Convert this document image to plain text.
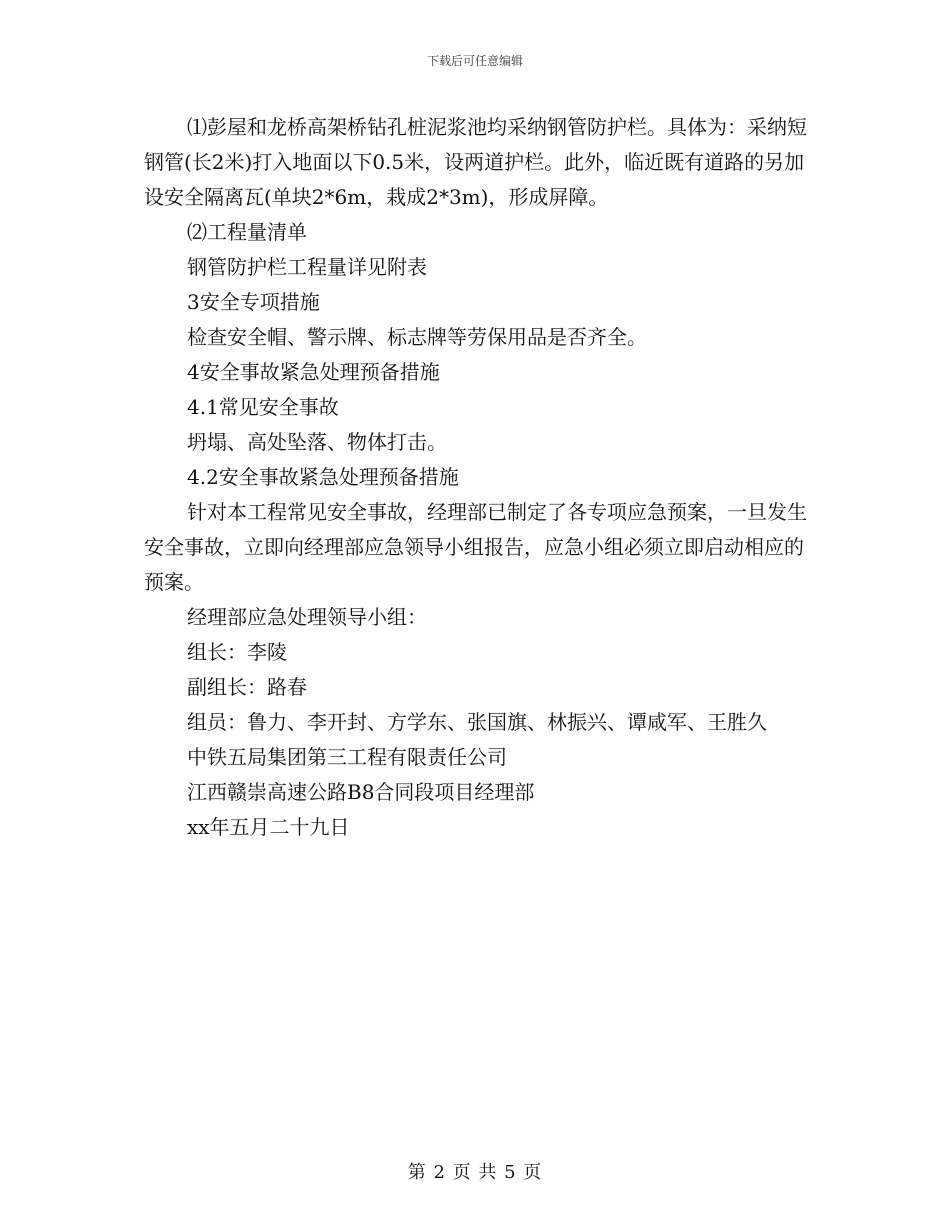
下载后可任意编辑

⑴彭屋和龙桥高架桥钻孔桩泥浆池均采纳钢管防护栏。具体为：采纳短钢管(长2米)打入地面以下0.5米，设两道护栏。此外，临近既有道路的另加设安全隔离瓦(单块2*6m，栽成2*3m)，形成屏障。

⑵工程量清单

钢管防护栏工程量详见附表

3安全专项措施

检查安全帽、警示牌、标志牌等劳保用品是否齐全。

4安全事故紧急处理预备措施

4.1常见安全事故

坍塌、高处坠落、物体打击。

4.2安全事故紧急处理预备措施

针对本工程常见安全事故，经理部已制定了各专项应急预案，一旦发生安全事故，立即向经理部应急领导小组报告，应急小组必须立即启动相应的预案。

经理部应急处理领导小组：

组长：李陵

副组长：路春

组员：鲁力、李开封、方学东、张国旗、林振兴、谭咸军、王胜久

中铁五局集团第三工程有限责任公司

江西赣崇高速公路B8合同段项目经理部

xx年五月二十九日

第 2 页 共 5 页
